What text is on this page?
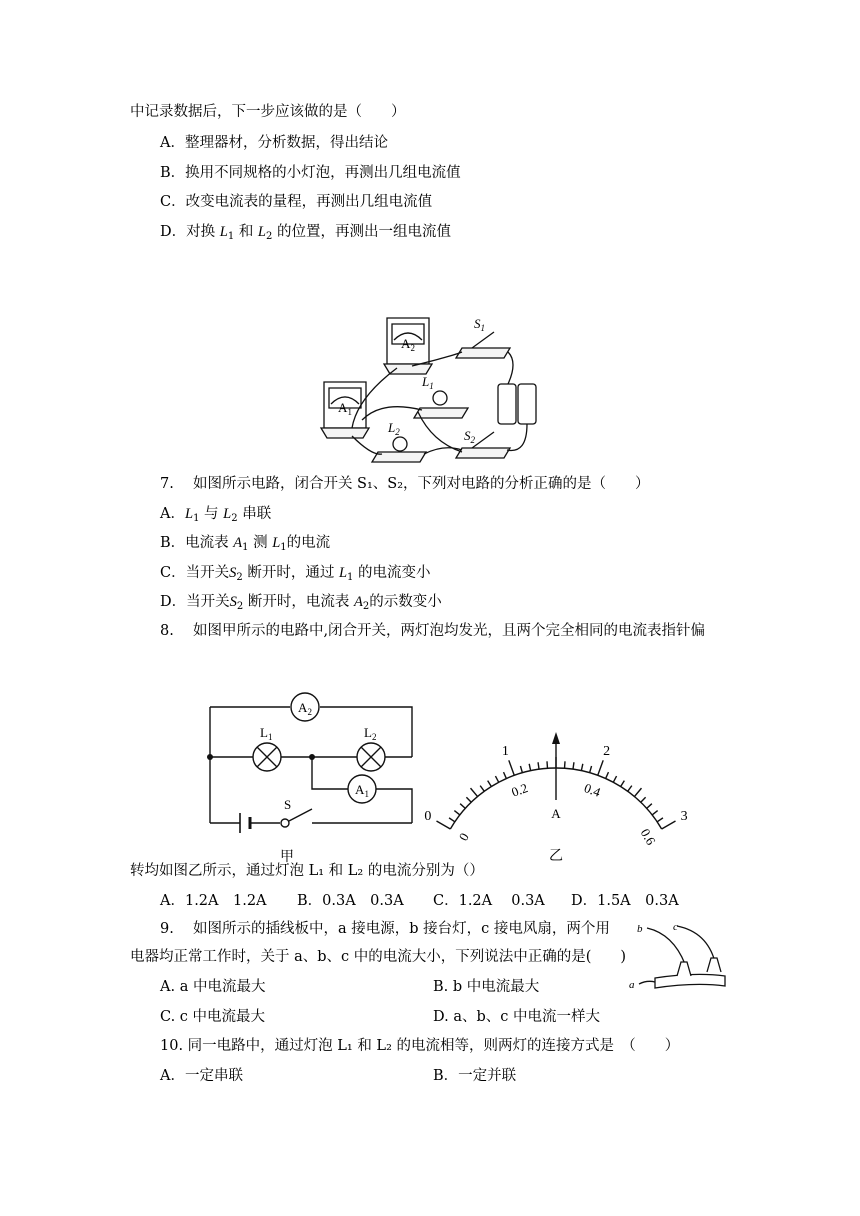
中记录数据后，下一步应该做的是（　　）
A．整理器材，分析数据，得出结论
B．换用不同规格的小灯泡，再测出几组电流值
C．改变电流表的量程，再测出几组电流值
D．对换 $L_1$ 和 $L_2$ 的位置，再测出一组电流值
$A_2$
$A_1$
$S_1$
$S_2$
$L_1$
$L_2$
7.　 如图所示电路，闭合开关 S₁、S₂，下列对电路的分析正确的是（　　）
A．$L_1$ 与 $L_2$ 串联
B．电流表 $A_1$ 测 $L_1$的电流
C．当开关$S_2$ 断开时，通过 $L_1$ 的电流变小
D．当开关$S_2$ 断开时，电流表 $A_2$的示数变小
8.　 如图甲所示的电路中,闭合开关，两灯泡均发光，且两个完全相同的电流表指针偏
$A_2$
$A_1$
$L_1$	$L_2$
S
甲
0
1	2
3
0
0.2	0.4
0.6
A
乙
转均如图乙所示，通过灯泡 L₁ 和 L₂ 的电流分别为（）
A．1.2A　1.2A B．0.3A　0.3A C．1.2A　 0.3A D．1.5A　0.3A
9.　 如图所示的插线板中，a 接电源，b 接台灯，c 接电风扇，两个用
电器均正常工作时，关于 a、b、c 中的电流大小，下列说法中正确的是(　　)
b	c
a
A. a 中电流最大	B. b 中电流最大
C. c 中电流最大	D. a、b、c 中电流一样大
10. 同一电路中，通过灯泡 L₁ 和 L₂ 的电流相等，则两灯的连接方式是　（　　）
A．一定串联	B．一定并联
